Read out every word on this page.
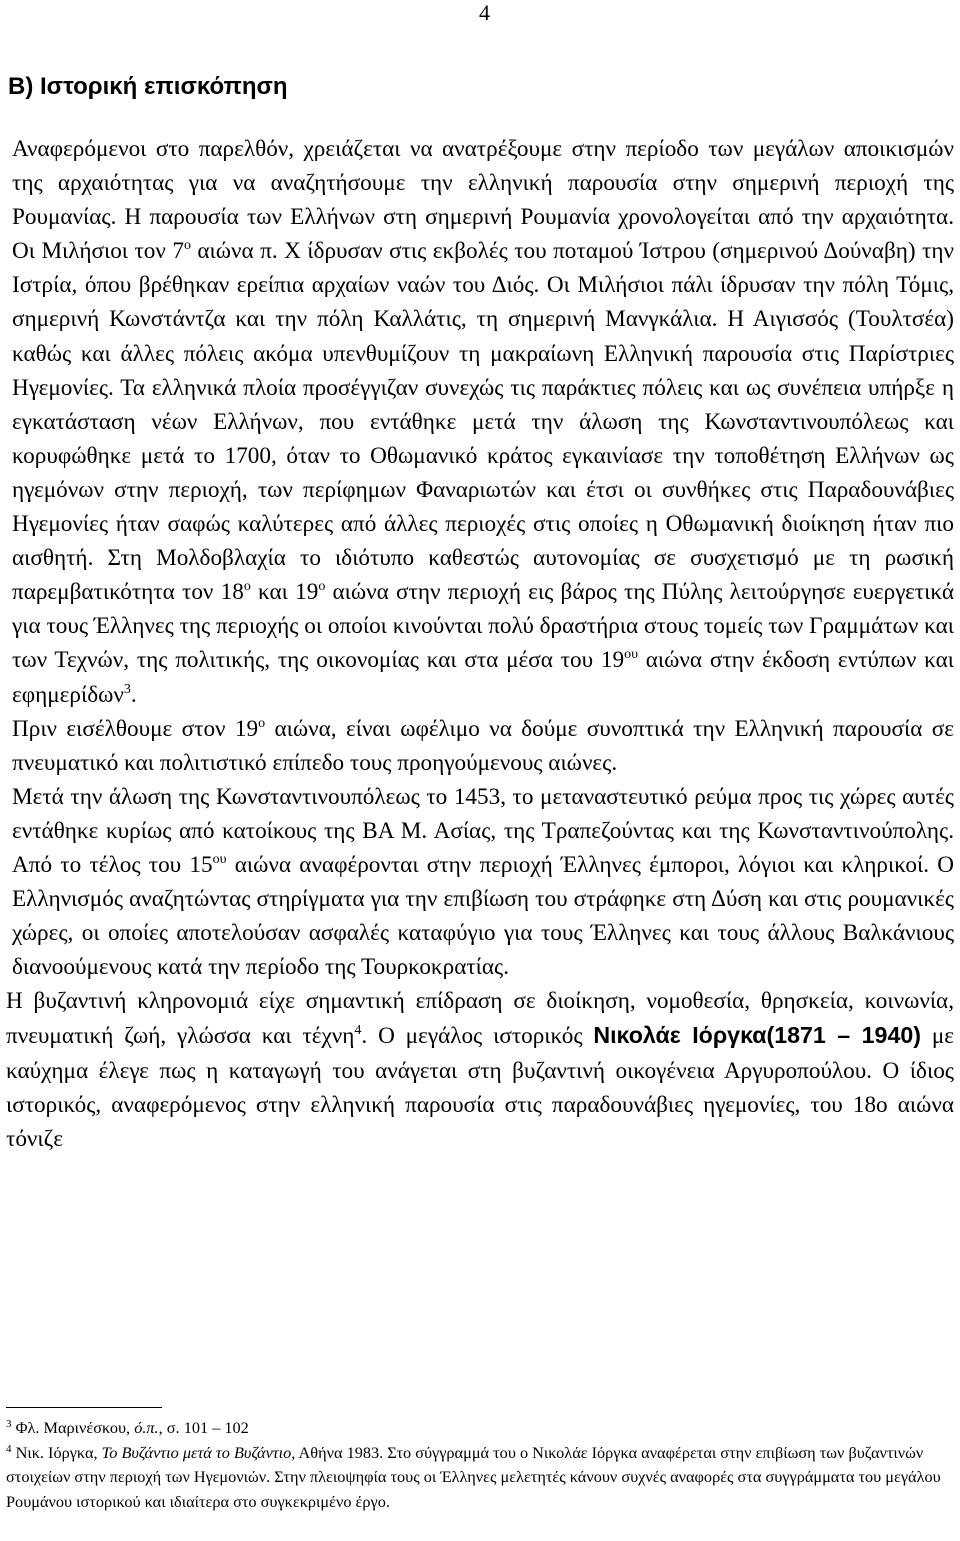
4
Β) Ιστορική επισκόπηση

Αναφερόμενοι στο παρελθόν, χρειάζεται να ανατρέξουμε στην περίοδο των μεγάλων αποικισμών της αρχαιότητας για να αναζητήσουμε την ελληνική παρουσία στην σημερινή περιοχή της Ρουμανίας. Η παρουσία των Ελλήνων στη σημερινή Ρουμανία χρονολογείται από την αρχαιότητα. Οι Μιλήσιοι τον $7^o$ αιώνα π. Χ ίδρυσαν στις εκβολές του ποταμού Ίστρου (σημερινού Δούναβη) την Ιστρία, όπου βρέθηκαν ερείπια αρχαίων ναών του Διός. Οι Μιλήσιοι πάλι ίδρυσαν την πόλη Τόμις, σημερινή Κωνστάντζα και την πόλη Καλλάτις, τη σημερινή Μανγκάλια. Η Αιγισσός (Τουλτσέα) καθώς και άλλες πόλεις ακόμα υπενθυμίζουν τη μακραίωνη Ελληνική παρουσία στις Παρίστριες Ηγεμονίες. Τα ελληνικά πλοία προσέγγιζαν συνεχώς τις παράκτιες πόλεις και ως συνέπεια υπήρξε η εγκατάσταση νέων Ελλήνων, που εντάθηκε μετά την άλωση της Κωνσταντινουπόλεως και κορυφώθηκε μετά το 1700, όταν το Οθωμανικό κράτος εγκαινίασε την τοποθέτηση Ελλήνων ως ηγεμόνων στην περιοχή, των περίφημων Φαναριωτών και έτσι οι συνθήκες στις Παραδουνάβιες Ηγεμονίες ήταν σαφώς καλύτερες από άλλες περιοχές στις οποίες η Οθωμανική διοίκηση ήταν πιο αισθητή. Στη Μολδοβλαχία το ιδιότυπο καθεστώς αυτονομίας σε συσχετισμό με τη ρωσική παρεμβατικότητα τον $18^o$ και $19^o$ αιώνα στην περιοχή εις βάρος της Πύλης λειτούργησε ευεργετικά για τους Έλληνες της περιοχής οι οποίοι κινούνται πολύ δραστήρια στους τομείς των Γραμμάτων και των Τεχνών, της πολιτικής, της οικονομίας και στα μέσα του $19^{o\upsilon}$ αιώνα στην έκδοση εντύπων και εφημερίδων$^3$.

Πριν εισέλθουμε στον $19^o$ αιώνα, είναι ωφέλιμο να δούμε συνοπτικά την Ελληνική παρουσία σε πνευματικό και πολιτιστικό επίπεδο τους προηγούμενους αιώνες.

Μετά την άλωση της Κωνσταντινουπόλεως το 1453, το μεταναστευτικό ρεύμα προς τις χώρες αυτές εντάθηκε κυρίως από κατοίκους της ΒΑ Μ. Ασίας, της Τραπεζούντας και της Κωνσταντινούπολης. Από το τέλος του $15^{o\upsilon}$ αιώνα αναφέρονται στην περιοχή Έλληνες έμποροι, λόγιοι και κληρικοί. Ο Ελληνισμός αναζητώντας στηρίγματα για την επιβίωση του στράφηκε στη Δύση και στις ρουμανικές χώρες, οι οποίες αποτελούσαν ασφαλές καταφύγιο για τους Έλληνες και τους άλλους Βαλκάνιους διανοούμενους κατά την περίοδο της Τουρκοκρατίας.

Η βυζαντινή κληρονομιά είχε σημαντική επίδραση σε διοίκηση, νομοθεσία, θρησκεία, κοινωνία, πνευματική ζωή, γλώσσα και τέχνη$^4$. Ο μεγάλος ιστορικός Νικολάε Ιόργκα(1871 – 1940) με καύχημα έλεγε πως η καταγωγή του ανάγεται στη βυζαντινή οικογένεια Αργυροπούλου. Ο ίδιος ιστορικός, αναφερόμενος στην ελληνική παρουσία στις παραδουνάβιες ηγεμονίες, του 18ο αιώνα τόνιζε

$^3$ Φλ. Μαρινέσκου, ό.π., σ. 101 – 102

$^4$ Νικ. Ιόργκα, Το Βυζάντιο μετά το Βυζάντιο, Αθήνα 1983. Στο σύγγραμμά του ο Νικολάε Ιόργκα αναφέρεται στην επιβίωση των βυζαντινών στοιχείων στην περιοχή των Ηγεμονιών. Στην πλειοψηφία τους οι Έλληνες μελετητές κάνουν συχνές αναφορές στα συγγράμματα του μεγάλου Ρουμάνου ιστορικού και ιδιαίτερα στο συγκεκριμένο έργο.
